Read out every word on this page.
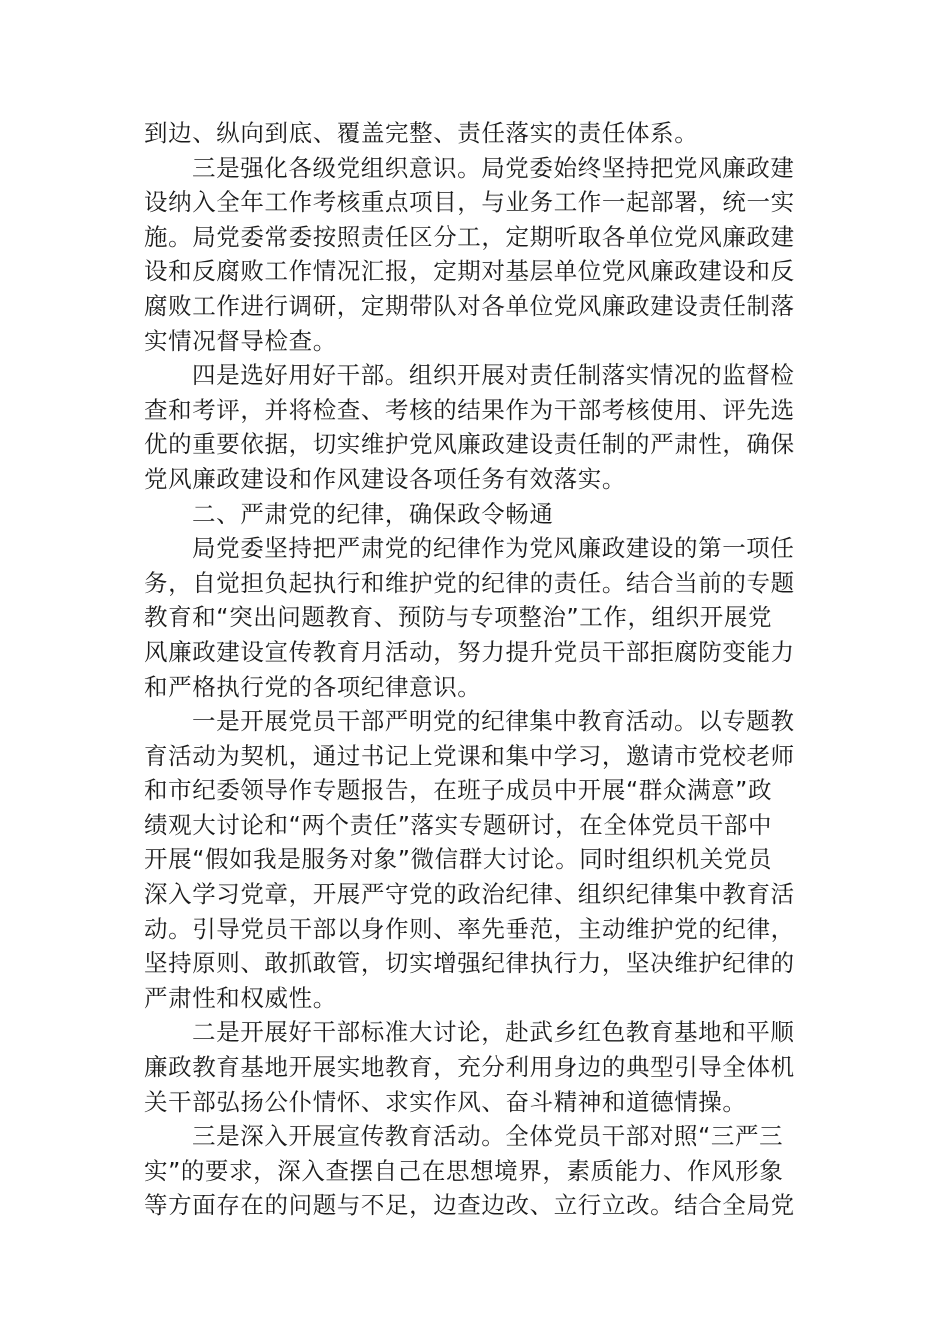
到边、纵向到底、覆盖完整、责任落实的责任体系。
三是强化各级党组织意识。局党委始终坚持把党风廉政建
设纳入全年工作考核重点项目，与业务工作一起部署，统一实
施。局党委常委按照责任区分工，定期听取各单位党风廉政建
设和反腐败工作情况汇报，定期对基层单位党风廉政建设和反
腐败工作进行调研，定期带队对各单位党风廉政建设责任制落
实情况督导检查。
四是选好用好干部。组织开展对责任制落实情况的监督检
查和考评，并将检查、考核的结果作为干部考核使用、评先选
优的重要依据，切实维护党风廉政建设责任制的严肃性，确保
党风廉政建设和作风建设各项任务有效落实。
二、严肃党的纪律，确保政令畅通
局党委坚持把严肃党的纪律作为党风廉政建设的第一项任
务，自觉担负起执行和维护党的纪律的责任。结合当前的专题
教育和“突出问题教育、预防与专项整治”工作，组织开展党
风廉政建设宣传教育月活动，努力提升党员干部拒腐防变能力
和严格执行党的各项纪律意识。
一是开展党员干部严明党的纪律集中教育活动。以专题教
育活动为契机，通过书记上党课和集中学习，邀请市党校老师
和市纪委领导作专题报告，在班子成员中开展“群众满意”政
绩观大讨论和“两个责任”落实专题研讨，在全体党员干部中
开展“假如我是服务对象”微信群大讨论。同时组织机关党员
深入学习党章，开展严守党的政治纪律、组织纪律集中教育活
动。引导党员干部以身作则、率先垂范，主动维护党的纪律，
坚持原则、敢抓敢管，切实增强纪律执行力，坚决维护纪律的
严肃性和权威性。
二是开展好干部标准大讨论，赴武乡红色教育基地和平顺
廉政教育基地开展实地教育，充分利用身边的典型引导全体机
关干部弘扬公仆情怀、求实作风、奋斗精神和道德情操。
三是深入开展宣传教育活动。全体党员干部对照“三严三
实”的要求，深入查摆自己在思想境界，素质能力、作风形象
等方面存在的问题与不足，边查边改、立行立改。结合全局党
